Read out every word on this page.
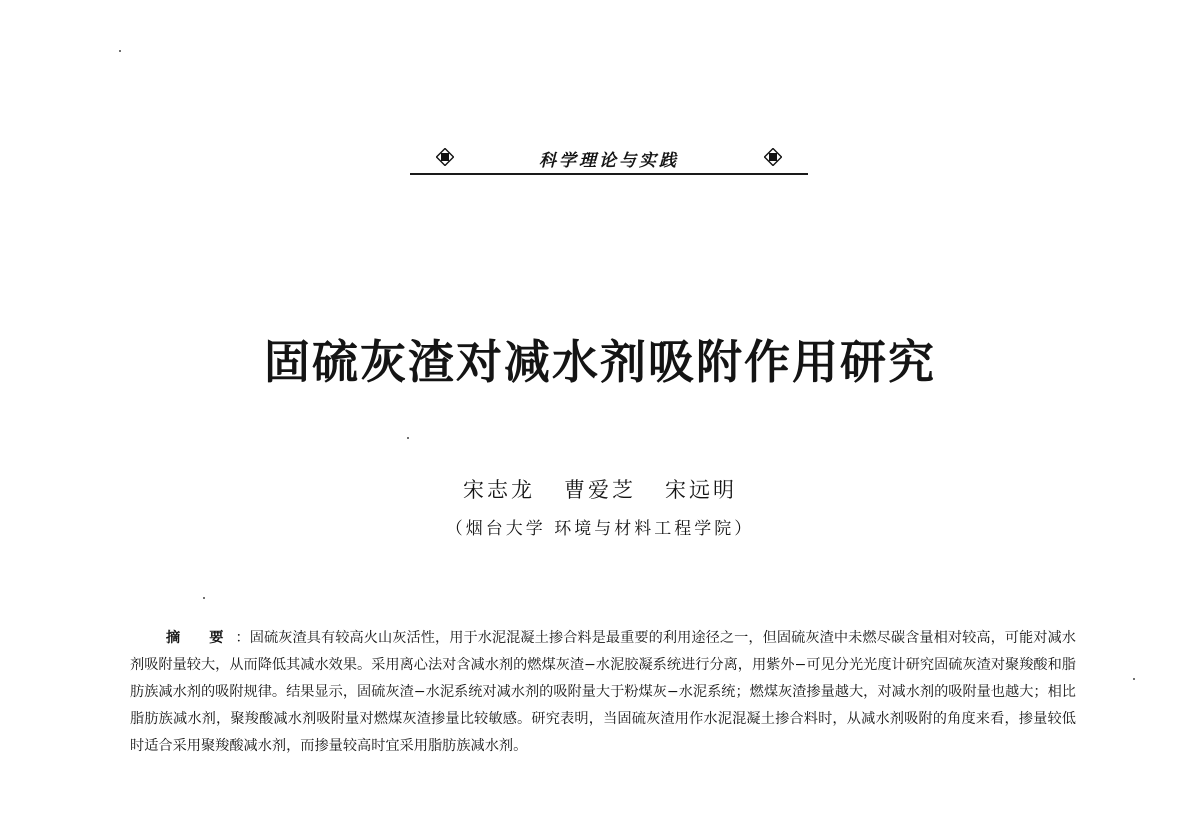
科学理论与实践
固硫灰渣对减水剂吸附作用研究
宋志龙   曹爱芝   宋远明
（烟台大学 环境与材料工程学院）

摘 要：固硫灰渣具有较高火山灰活性，用于水泥混凝土掺合料是最重要的利用途径之一，但固硫灰渣中未燃尽碳含量相对较高，可能对减水剂吸附量较大，从而降低其减水效果。采用离心法对含减水剂的燃煤灰渣−水泥胶凝系统进行分离，用紫外−可见分光光度计研究固硫灰渣对聚羧酸和脂肪族减水剂的吸附规律。结果显示，固硫灰渣−水泥系统对减水剂的吸附量大于粉煤灰−水泥系统；燃煤灰渣掺量越大，对减水剂的吸附量也越大；相比脂肪族减水剂，聚羧酸减水剂吸附量对燃煤灰渣掺量比较敏感。研究表明，当固硫灰渣用作水泥混凝土掺合料时，从减水剂吸附的角度来看，掺量较低时适合采用聚羧酸减水剂，而掺量较高时宜采用脂肪族减水剂。
